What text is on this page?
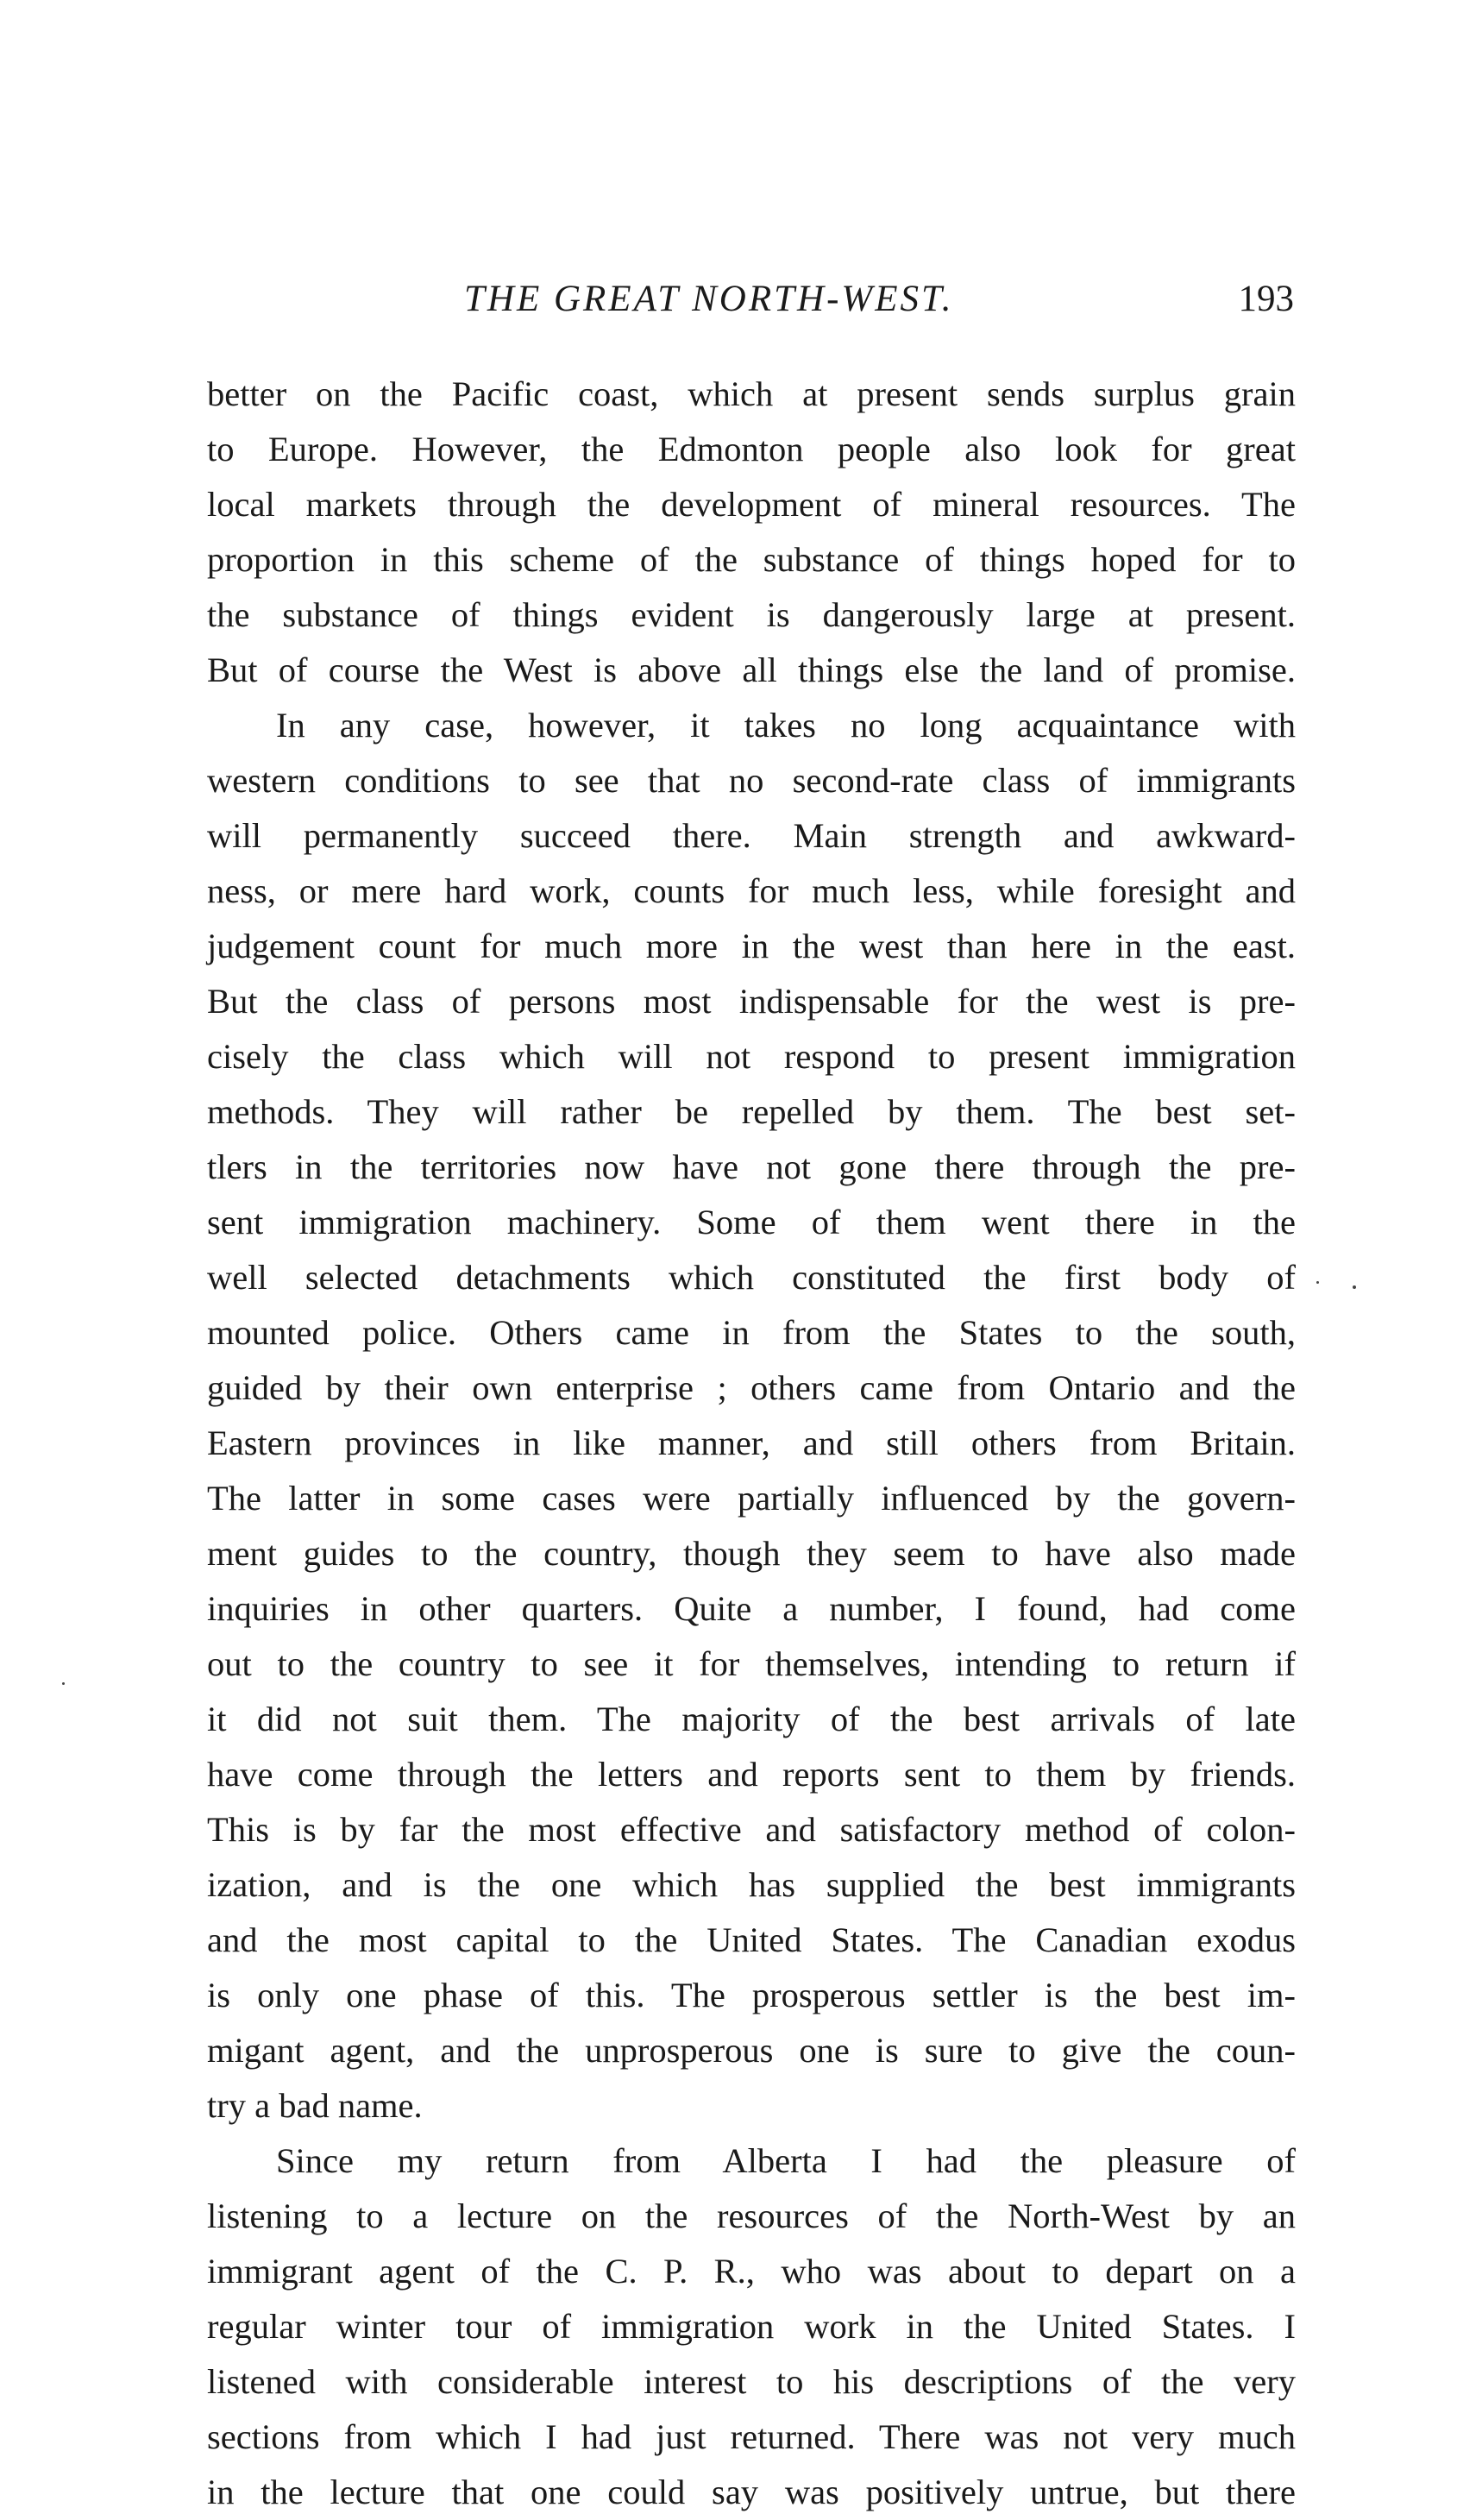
THE GREAT NORTH-WEST.	193
better on the Pacific coast, which at present sends surplus grain
to Europe. However, the Edmonton people also look for great
local markets through the development of mineral resources. The
proportion in this scheme of the substance of things hoped for to
the substance of things evident is dangerously large at present.
But of course the West is above all things else the land of promise.
In any case, however, it takes no long acquaintance with
western conditions to see that no second-rate class of immigrants
will permanently succeed there. Main strength and awkward-
ness, or mere hard work, counts for much less, while foresight and
judgement count for much more in the west than here in the east.
But the class of persons most indispensable for the west is pre-
cisely the class which will not respond to present immigration
methods. They will rather be repelled by them. The best set-
tlers in the territories now have not gone there through the pre-
sent immigration machinery. Some of them went there in the
well selected detachments which constituted the first body of
mounted police. Others came in from the States to the south,
guided by their own enterprise ; others came from Ontario and the
Eastern provinces in like manner, and still others from Britain.
The latter in some cases were partially influenced by the govern-
ment guides to the country, though they seem to have also made
inquiries in other quarters. Quite a number, I found, had come
out to the country to see it for themselves, intending to return if
it did not suit them. The majority of the best arrivals of late
have come through the letters and reports sent to them by friends.
This is by far the most effective and satisfactory method of colon-
ization, and is the one which has supplied the best immigrants
and the most capital to the United States. The Canadian exodus
is only one phase of this. The prosperous settler is the best im-
migant agent, and the unprosperous one is sure to give the coun-
try a bad name.
Since my return from Alberta I had the pleasure of
listening to a lecture on the resources of the North-West by an
immigrant agent of the C. P. R., who was about to depart on a
regular winter tour of immigration work in the United States. I
listened with considerable interest to his descriptions of the very
sections from which I had just returned. There was not very much
in the lecture that one could say was positively untrue, but there
